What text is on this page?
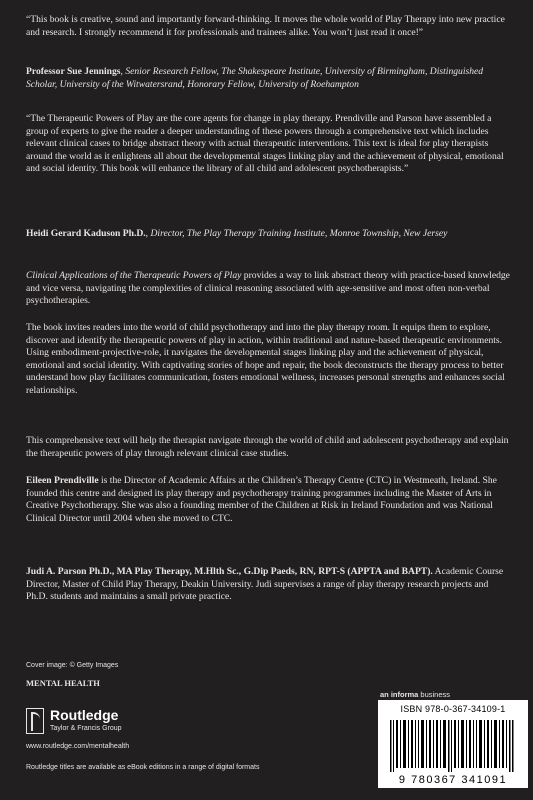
“This book is creative, sound and importantly forward-thinking. It moves the whole world of Play Therapy into new practice and research. I strongly recommend it for professionals and trainees alike. You won’t just read it once!”

Professor Sue Jennings, Senior Research Fellow, The Shakespeare Institute, University of Birmingham, Distinguished Scholar, University of the Witwatersrand, Honorary Fellow, University of Roehampton

“The Therapeutic Powers of Play are the core agents for change in play therapy. Prendiville and Parson have assembled a group of experts to give the reader a deeper understanding of these powers through a comprehensive text which includes relevant clinical cases to bridge abstract theory with actual therapeutic interventions. This text is ideal for play therapists around the world as it enlightens all about the developmental stages linking play and the achievement of physical, emotional and social identity. This book will enhance the library of all child and adolescent psychotherapists.”

Heidi Gerard Kaduson Ph.D., Director, The Play Therapy Training Institute, Monroe Township, New Jersey

Clinical Applications of the Therapeutic Powers of Play provides a way to link abstract theory with practice-based knowledge and vice versa, navigating the complexities of clinical reasoning associated with age-sensitive and most often non-verbal psychotherapies.

The book invites readers into the world of child psychotherapy and into the play therapy room. It equips them to explore, discover and identify the therapeutic powers of play in action, within traditional and nature-based therapeutic environments. Using embodiment-projective-role, it navigates the developmental stages linking play and the achievement of physical, emotional and social identity. With captivating stories of hope and repair, the book deconstructs the therapy process to better understand how play facilitates communication, fosters emotional wellness, increases personal strengths and enhances social relationships.

This comprehensive text will help the therapist navigate through the world of child and adolescent psychotherapy and explain the therapeutic powers of play through relevant clinical case studies.

Eileen Prendiville is the Director of Academic Affairs at the Children’s Therapy Centre (CTC) in Westmeath, Ireland. She founded this centre and designed its play therapy and psychotherapy training programmes including the Master of Arts in Creative Psychotherapy. She was also a founding member of the Children at Risk in Ireland Foundation and was National Clinical Director until 2004 when she moved to CTC.

Judi A. Parson Ph.D., MA Play Therapy, M.Hlth Sc., G.Dip Paeds, RN, RPT-S (APPTA and BAPT). Academic Course Director, Master of Child Play Therapy, Deakin University. Judi supervises a range of play therapy research projects and Ph.D. students and maintains a small private practice.

Cover image: © Getty Images

MENTAL HEALTH

Routledge
Taylor & Francis Group

www.routledge.com/mentalhealth

Routledge titles are available as eBook editions in a range of digital formats

an informa business
ISBN 978-0-367-34109-1
9 780367 341091
